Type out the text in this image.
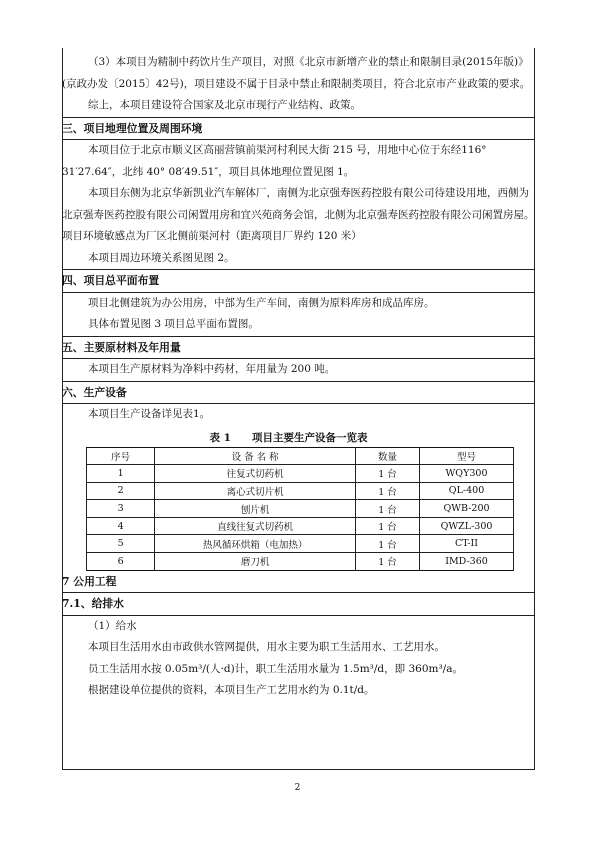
（3）本项目为精制中药饮片生产项目，对照《北京市新增产业的禁止和限制目录(2015年版)》(京政办发〔2015〕42号)，项目建设不属于目录中禁止和限制类项目，符合北京市产业政策的要求。

综上，本项目建设符合国家及北京市现行产业结构、政策。

三、项目地理位置及周围环境

本项目位于北京市顺义区高丽营镇前渠河村利民大街 215 号，用地中心位于东经116° 31′27.64″，北纬 40° 08′49.51″，项目具体地理位置见图 1。

本项目东侧为北京华新凯业汽车解体厂，南侧为北京强寿医药控股有限公司待建设用地，西侧为北京强寿医药控股有限公司闲置用房和宜兴苑商务会馆，北侧为北京强寿医药控股有限公司闲置房屋。项目环境敏感点为厂区北侧前渠河村（距离项目厂界约 120 米）

本项目周边环境关系图见图 2。

四、项目总平面布置

项目北侧建筑为办公用房，中部为生产车间，南侧为原料库房和成品库房。

具体布置见图 3 项目总平面布置图。

五、主要原材料及年用量

本项目生产原材料为净料中药材，年用量为 200 吨。

六、生产设备

本项目生产设备详见表1。

表 1　　项目主要生产设备一览表
序号	设 备 名 称	数量	型号
1	往复式切药机	1 台	WQY300
2	离心式切片机	1 台	QL-400
3	刨片机	1 台	QWB-200
4	直线往复式切药机	1 台	QWZL-300
5	热风循环烘箱（电加热）	1 台	CT-II
6	磨刀机	1 台	IMD-360

7 公用工程

7.1、给排水

（1）给水

本项目生活用水由市政供水管网提供，用水主要为职工生活用水、工艺用水。

员工生活用水按 0.05m³/(人·d)计，职工生活用水量为 1.5m³/d，即 360m³/a。

根据建设单位提供的资料，本项目生产工艺用水约为 0.1t/d。

2
